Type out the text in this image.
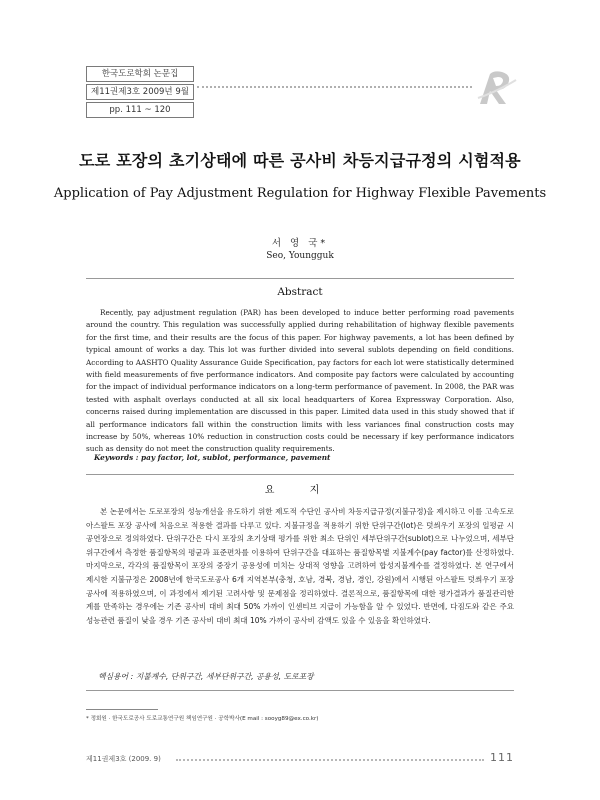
한국도로학회 논문집
제11권제3호 2009년 9월
pp. 111 ~ 120
도로 포장의 초기상태에 따른 공사비 차등지급규정의 시험적용
Application of Pay Adjustment Regulation for Highway Flexible Pavements
서 영 국*
Seo, Youngguk
Abstract
Recently, pay adjustment regulation (PAR) has been developed to induce better performing road pavements around the country. This regulation was successfully applied during rehabilitation of highway flexible pavements for the first time, and their results are the focus of this paper. For highway pavements, a lot has been defined by typical amount of works a day. This lot was further divided into several sublots depending on field conditions. According to AASHTO Quality Assurance Guide Specification, pay factors for each lot were statistically determined with field measurements of five performance indicators. And composite pay factors were calculated by accounting for the impact of individual performance indicators on a long-term performance of pavement. In 2008, the PAR was tested with asphalt overlays conducted at all six local headquarters of Korea Expressway Corporation. Also, concerns raised during implementation are discussed in this paper. Limited data used in this study showed that if all performance indicators fall within the construction limits with less variances final construction costs may increase by 50%, whereas 10% reduction in construction costs could be necessary if key performance indicators such as density do not meet the construction quality requirements.
Keywords : pay factor, lot, sublot, performance, pavement
요 지
본 논문에서는 도로포장의 성능개선을 유도하기 위한 제도적 수단인 공사비 차등지급규정(지불규정)을 제시하고 이를 고속도로 아스팔트 포장 공사에 처음으로 적용한 결과를 다루고 있다. 지불규정을 적용하기 위한 단위구간(lot)은 덧씌우기 포장의 일평균 시공연장으로 정의하였다. 단위구간은 다시 포장의 초기상태 평가를 위한 최소 단위인 세부단위구간(sublot)으로 나누었으며, 세부단위구간에서 측정한 품질항목의 평균과 표준편차를 이용하여 단위구간을 대표하는 품질항목별 지불계수(pay factor)를 산정하였다. 마지막으로, 각각의 품질항목이 포장의 중장기 공용성에 미치는 상대적 영향을 고려하여 합성지불계수를 결정하였다. 본 연구에서 제시한 지불규정은 2008년에 한국도로공사 6개 지역본부(충청, 호남, 경북, 경남, 경인, 강원)에서 시행된 아스팔트 덧씌우기 포장공사에 적용하였으며, 이 과정에서 제기된 고려사항 및 문제점을 정리하였다. 결론적으로, 품질항목에 대한 평가결과가 품질관리한계를 만족하는 경우에는 기존 공사비 대비 최대 50% 가까이 인센티브 지급이 가능함을 알 수 있었다. 반면에, 다짐도와 같은 주요 성능관련 품질이 낮을 경우 기존 공사비 대비 최대 10% 가까이 공사비 감액도 있을 수 있음을 확인하였다.
핵심용어 : 지불계수, 단위구간, 세부단위구간, 공용성, 도로포장
* 정회원 · 한국도로공사 도로교통연구원 책임연구원 · 공학박사(E mail : sooyg89@ex.co.kr)
제11권제3호 (2009. 9)	111
